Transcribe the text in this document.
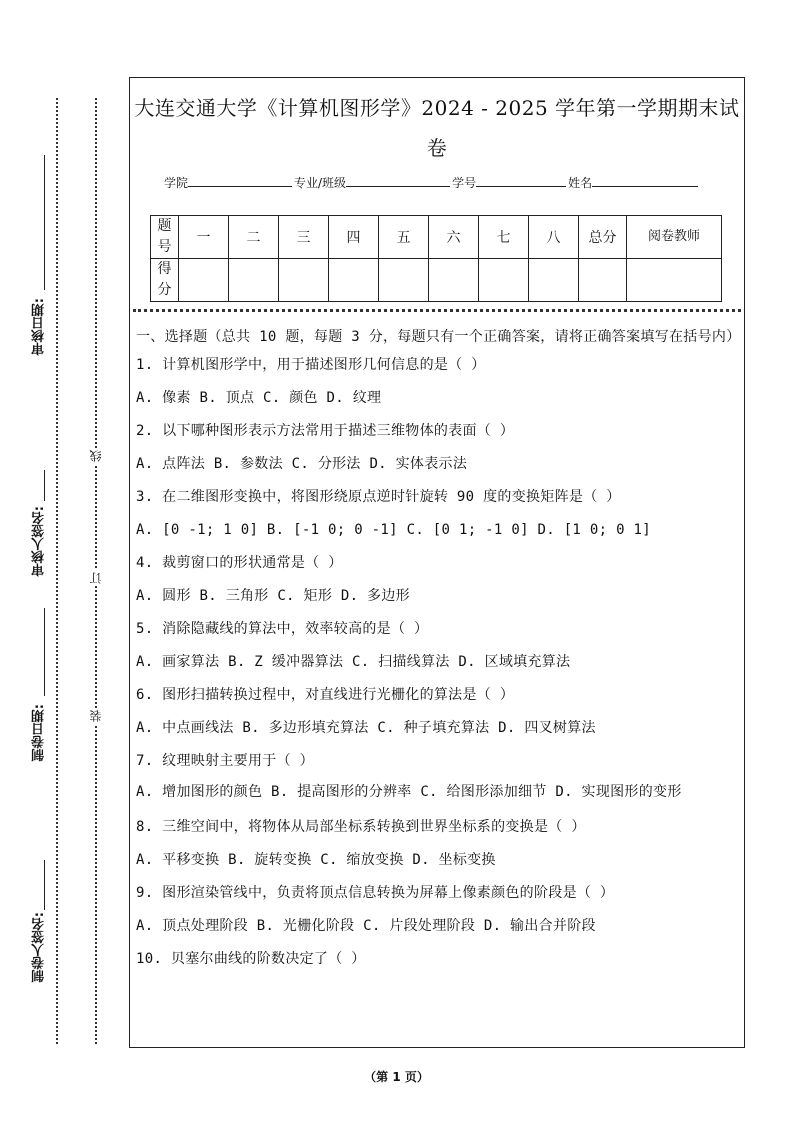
审核日期:
审核人签名:
制卷日期:
制卷人签名:
线
订
装
大连交通大学《计算机图形学》2024 - 2025 学年第一学期期末试
卷
学院	专业/班级	学号	姓名
题号	一	二	三	四	五	六	七	八	总分	阅卷教师
得分										
一、选择题（总共 10 题，每题 3 分，每题只有一个正确答案，请将正确答案填写在括号内）
1. 计算机图形学中，用于描述图形几何信息的是（ ）
A. 像素 B. 顶点 C. 颜色 D. 纹理
2. 以下哪种图形表示方法常用于描述三维物体的表面（ ）
A. 点阵法 B. 参数法 C. 分形法 D. 实体表示法
3. 在二维图形变换中，将图形绕原点逆时针旋转 90 度的变换矩阵是（ ）
A. [0 -1; 1 0] B. [-1 0; 0 -1] C. [0 1; -1 0] D. [1 0; 0 1]
4. 裁剪窗口的形状通常是（ ）
A. 圆形 B. 三角形 C. 矩形 D. 多边形
5. 消除隐藏线的算法中，效率较高的是（ ）
A. 画家算法 B. Z 缓冲器算法 C. 扫描线算法 D. 区域填充算法
6. 图形扫描转换过程中，对直线进行光栅化的算法是（ ）
A. 中点画线法 B. 多边形填充算法 C. 种子填充算法 D. 四叉树算法
7. 纹理映射主要用于（ ）
A. 增加图形的颜色 B. 提高图形的分辨率 C. 给图形添加细节 D. 实现图形的变形
8. 三维空间中，将物体从局部坐标系转换到世界坐标系的变换是（ ）
A. 平移变换 B. 旋转变换 C. 缩放变换 D. 坐标变换
9. 图形渲染管线中，负责将顶点信息转换为屏幕上像素颜色的阶段是（ ）
A. 顶点处理阶段 B. 光栅化阶段 C. 片段处理阶段 D. 输出合并阶段
10. 贝塞尔曲线的阶数决定了（ ）
（第 1 页）
